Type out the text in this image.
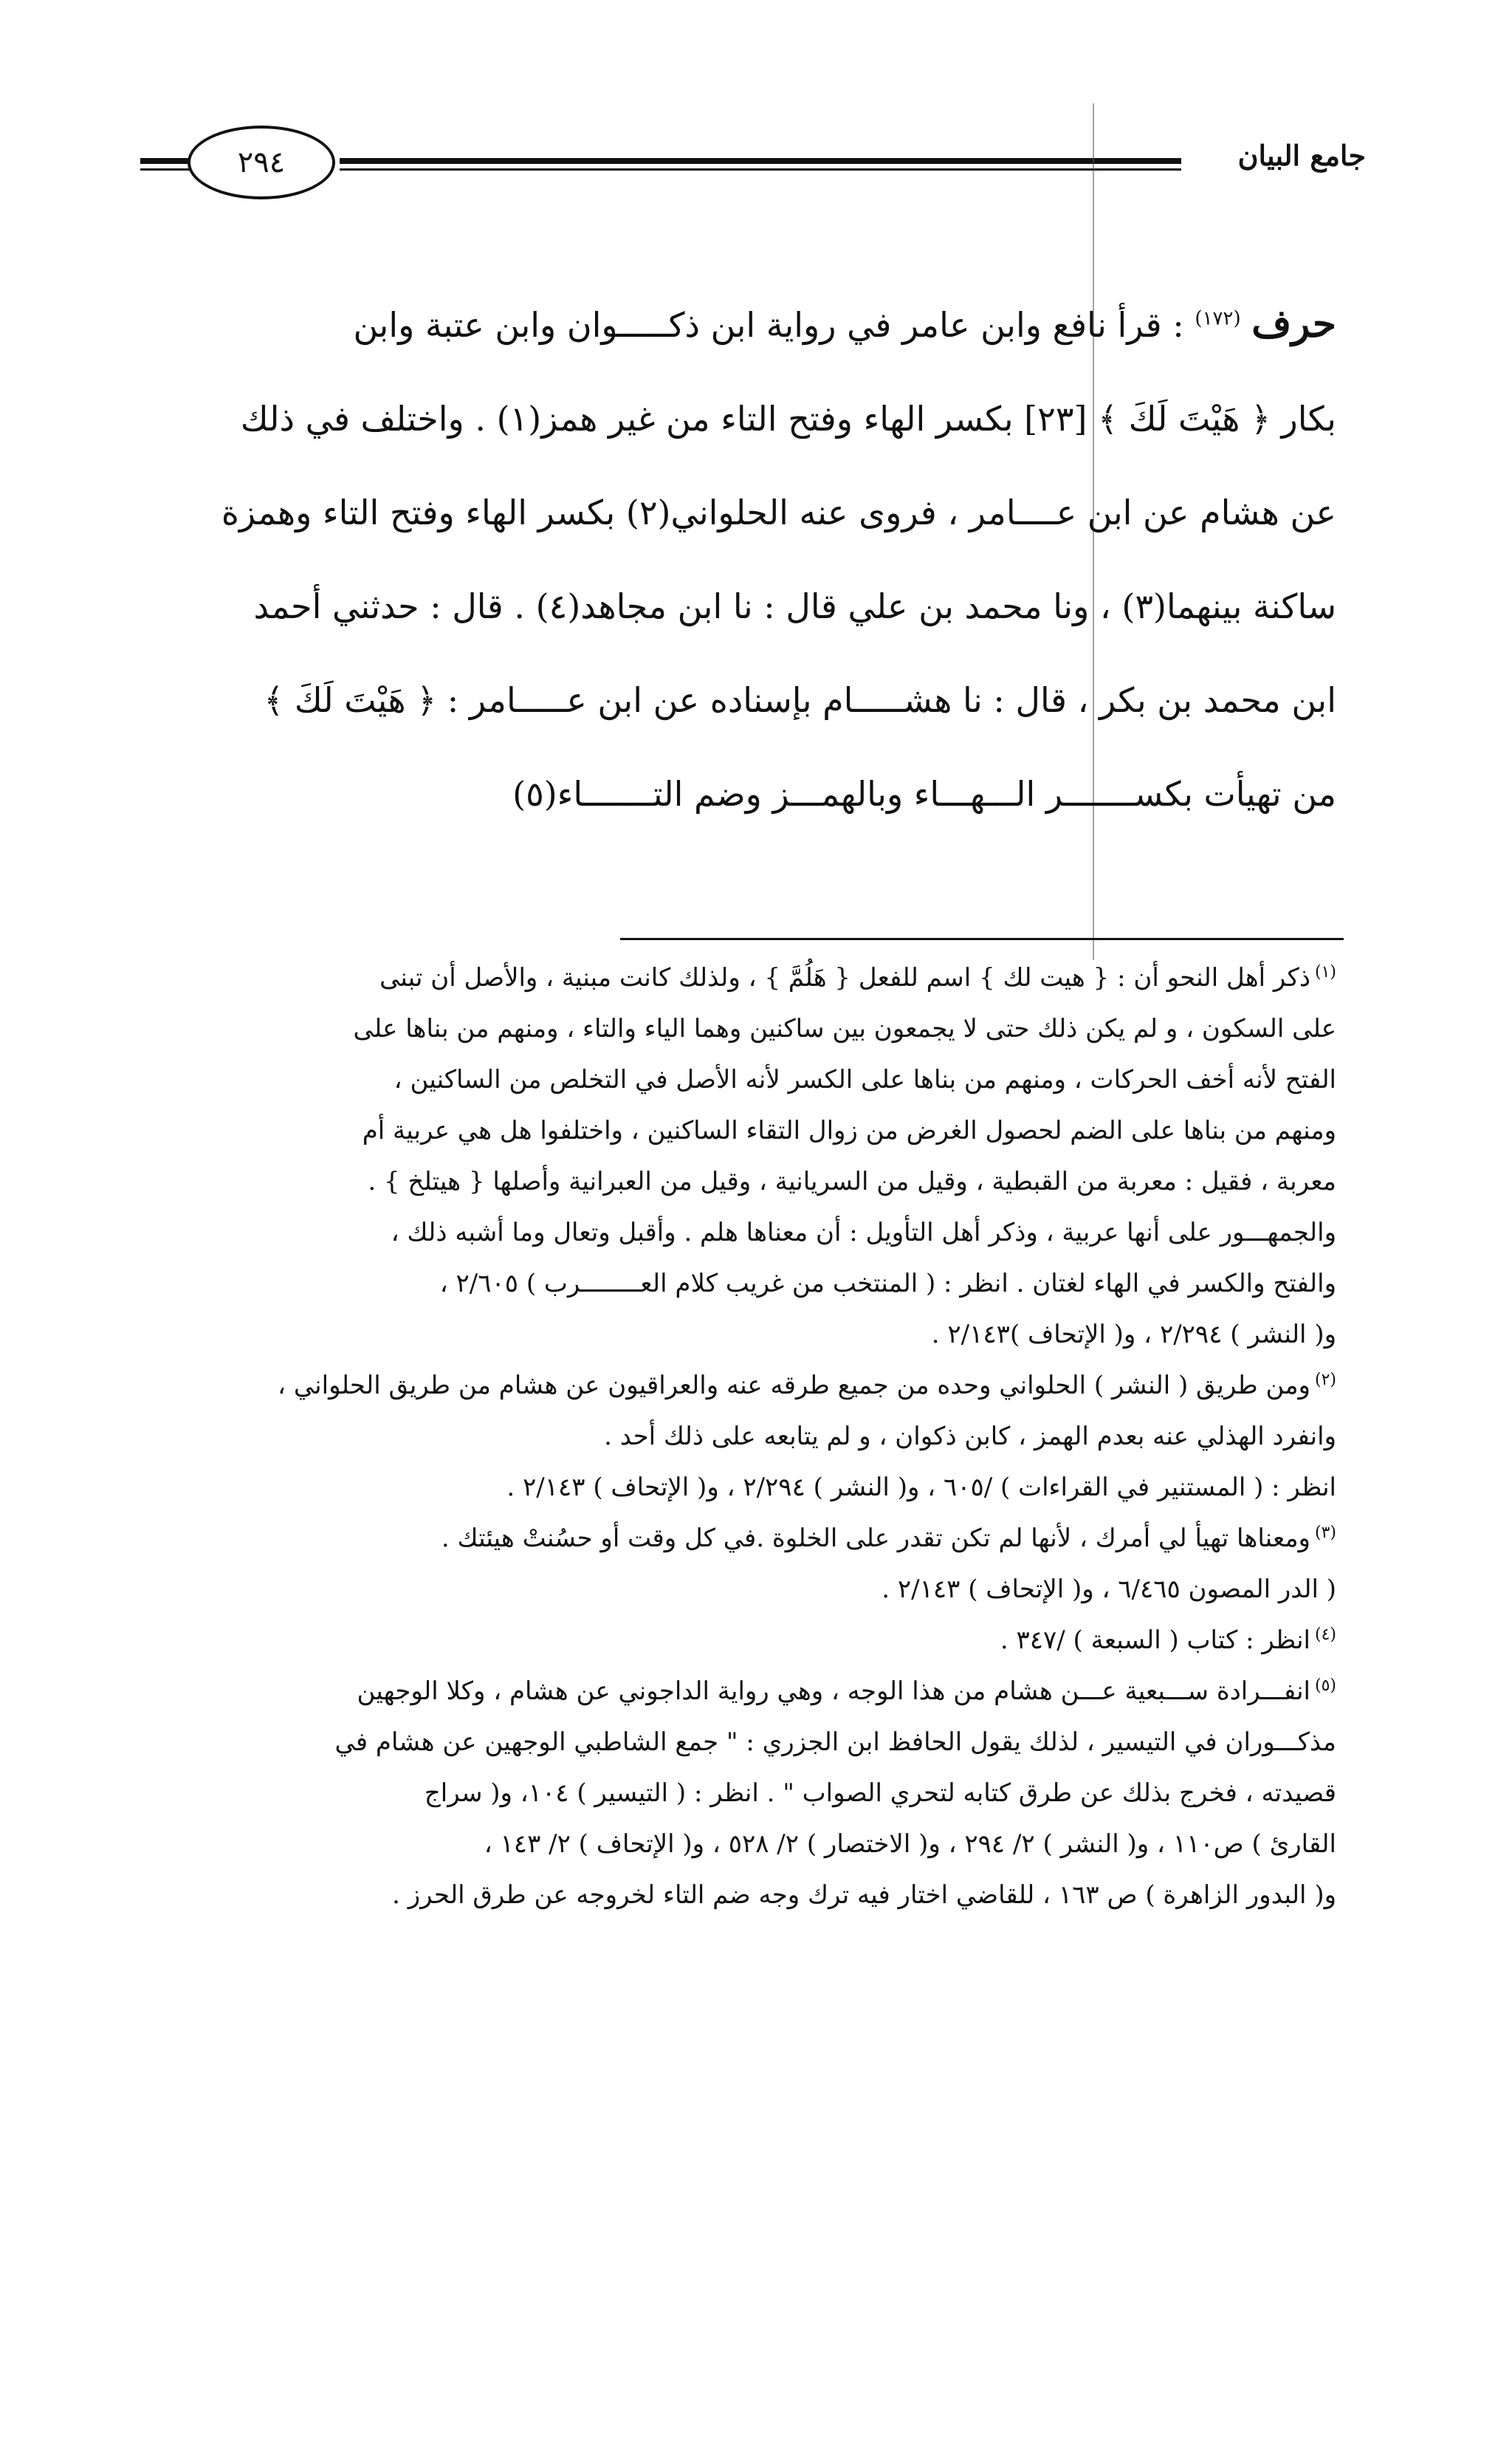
٢٩٤	جامع البيان
حرف $^{(١٧٢)}$ : قرأ نافع وابن عامر في رواية ابن ذكـــــوان وابن عتبة وابن
بكار ﴿ هَيْتَ لَكَ ﴾ [٢٣] بكسر الهاء وفتح التاء من غير همز(١) . واختلف في ذلك
عن هشام عن ابن عــــامر ، فروى عنه الحلواني(٢) بكسر الهاء وفتح التاء وهمزة
ساكنة بينهما(٣) ، ونا محمد بن علي قال : نا ابن مجاهد(٤) . قال : حدثني أحمد
ابن محمد بن بكر ، قال : نا هشـــــام بإسناده عن ابن عـــــامر : ﴿ هَيْتَ لَكَ ﴾
من تهيأت بكســـــــر الـــهـــاء وبالهمـــز وضم التـــــــاء(٥)
$^{(١)}$ذكر أهل النحو أن : { هيت لك } اسم للفعل { هَلُمَّ } ، ولذلك كانت مبنية ، والأصل أن تبنى
على السكون ، و لم يكن ذلك حتى لا يجمعون بين ساكنين وهما الياء والتاء ، ومنهم من بناها على
الفتح لأنه أخف الحركات ، ومنهم من بناها على الكسر لأنه الأصل في التخلص من الساكنين ،
ومنهم من بناها على الضم لحصول الغرض من زوال التقاء الساكنين ، واختلفوا هل هي عربية أم
معربة ، فقيل : معربة من القبطية ، وقيل من السريانية ، وقيل من العبرانية وأصلها { هيتلخ } .
والجمهـــور على أنها عربية ، وذكر أهل التأويل : أن معناها هلم . وأقبل وتعال وما أشبه ذلك ،
والفتح والكسر في الهاء لغتان . انظر : ( المنتخب من غريب كلام العــــــــرب ) ٢/٦٠٥ ،
و( النشر ) ٢/٢٩٤ ، و( الإتحاف )٢/١٤٣ .
$^{(٢)}$ومن طريق ( النشر ) الحلواني وحده من جميع طرقه عنه والعراقيون عن هشام من طريق الحلواني ،
وانفرد الهذلي عنه بعدم الهمز ، كابن ذكوان ، و لم يتابعه على ذلك أحد .
انظر : ( المستنير في القراءات ) /٦٠٥ ، و( النشر ) ٢/٢٩٤ ، و( الإتحاف ) ٢/١٤٣ .
$^{(٣)}$ومعناها تهيأ لي أمرك ، لأنها لم تكن تقدر على الخلوة .في كل وقت أو حسُنتْ هيئتك .
( الدر المصون ٦/٤٦٥ ، و( الإتحاف ) ٢/١٤٣ .
$^{(٤)}$انظر : كتاب ( السبعة ) /٣٤٧ .
$^{(٥)}$انفـــرادة ســـبعية عـــن هشام من هذا الوجه ، وهي رواية الداجوني عن هشام ، وكلا الوجهين
مذكـــوران في التيسير ، لذلك يقول الحافظ ابن الجزري : " جمع الشاطبي الوجهين عن هشام في
قصيدته ، فخرج بذلك عن طرق كتابه لتحري الصواب " . انظر : ( التيسير ) ١٠٤، و( سراج
القارئ ) ص١١٠ ، و( النشر ) ٢/ ٢٩٤ ، و( الاختصار ) ٢/ ٥٢٨ ، و( الإتحاف ) ٢/ ١٤٣ ،
و( البدور الزاهرة ) ص ١٦٣ ، للقاضي اختار فيه ترك وجه ضم التاء لخروجه عن طرق الحرز .
